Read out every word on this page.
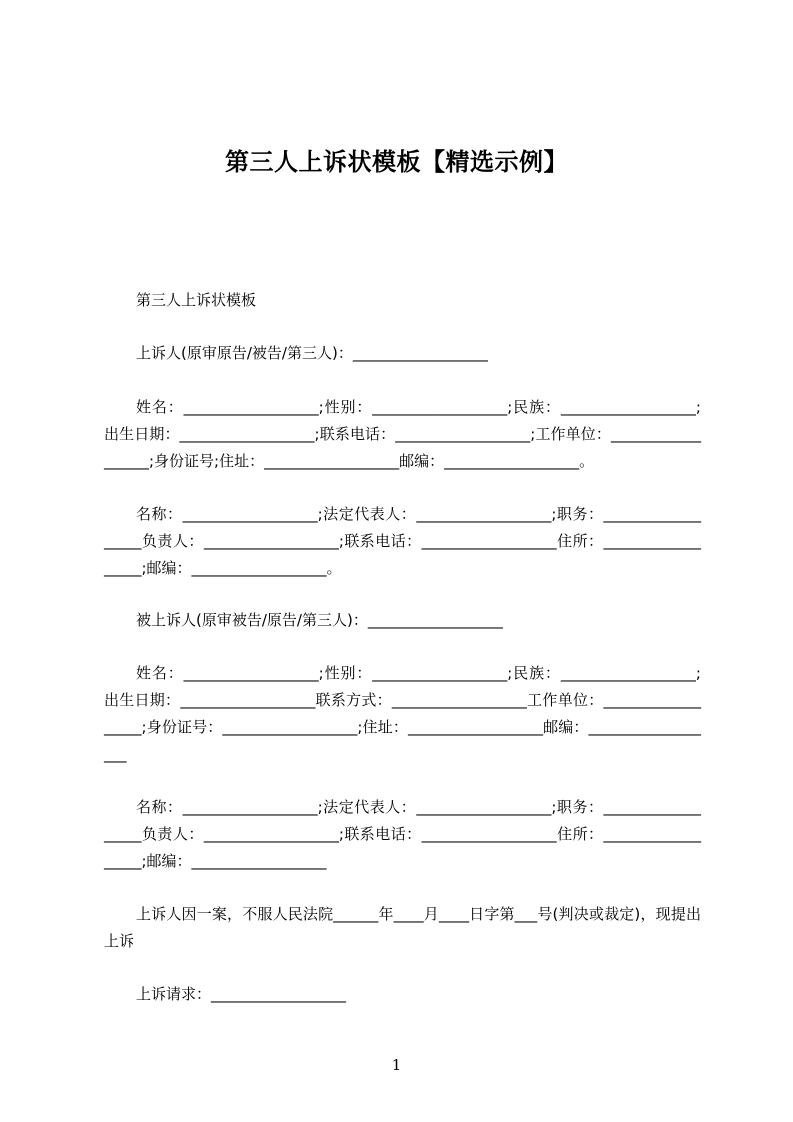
第三人上诉状模板【精选示例】
第三人上诉状模板
上诉人(原审原告/被告/第三人)：__________________
姓名：__________________;性别：__________________;民族：__________________;出生日期：__________________;联系电话：__________________;工作单位：__________________;身份证号;住址：__________________邮编：__________________。
名称：__________________;法定代表人：__________________;职务：__________________负责人：__________________;联系电话：__________________住所：__________________;邮编：__________________。
被上诉人(原审被告/原告/第三人)：__________________
姓名：__________________;性别：__________________;民族：__________________;出生日期：__________________联系方式：__________________工作单位：__________________;身份证号：__________________;住址：__________________邮编：__________________
名称：__________________;法定代表人：__________________;职务：__________________负责人：__________________;联系电话：__________________住所：__________________;邮编：__________________
上诉人因一案，不服人民法院______年____月____日字第___号(判决或裁定)，现提出上诉
上诉请求：__________________
1
